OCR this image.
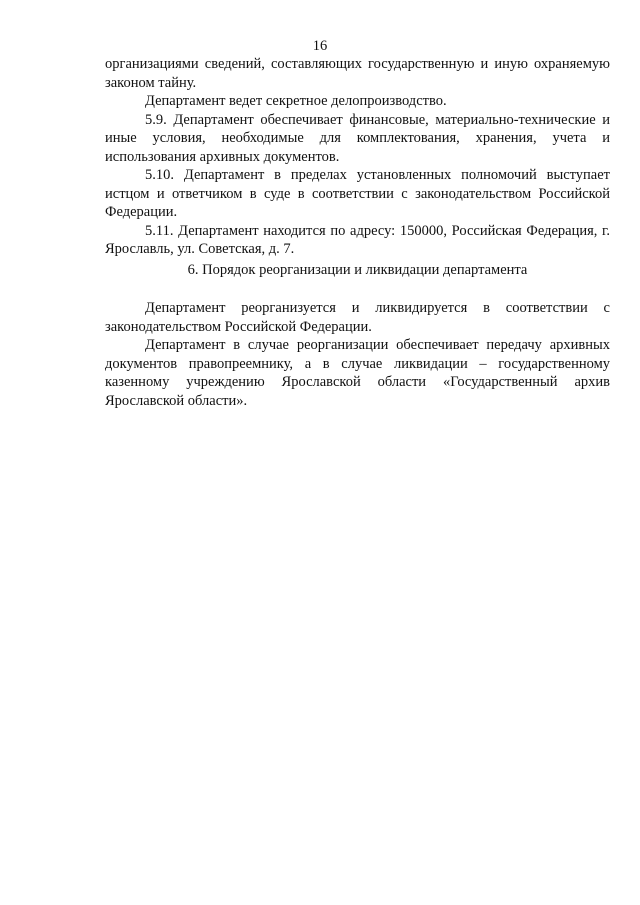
16

организациями сведений, составляющих государственную и иную охраняемую законом тайну.

Департамент ведет секретное делопроизводство.

5.9. Департамент обеспечивает финансовые, материально-технические и иные условия, необходимые для комплектования, хранения, учета и использования архивных документов.

5.10. Департамент в пределах установленных полномочий выступает истцом и ответчиком в суде в соответствии с законодательством Российской Федерации.

5.11. Департамент находится по адресу: 150000, Российская Федерация, г. Ярославль, ул. Советская, д. 7.

6. Порядок реорганизации и ликвидации департамента

Департамент реорганизуется и ликвидируется в соответствии с законодательством Российской Федерации.

Департамент в случае реорганизации обеспечивает передачу архивных документов правопреемнику, а в случае ликвидации – государственному казенному учреждению Ярославской области «Государственный архив Ярославской области».
